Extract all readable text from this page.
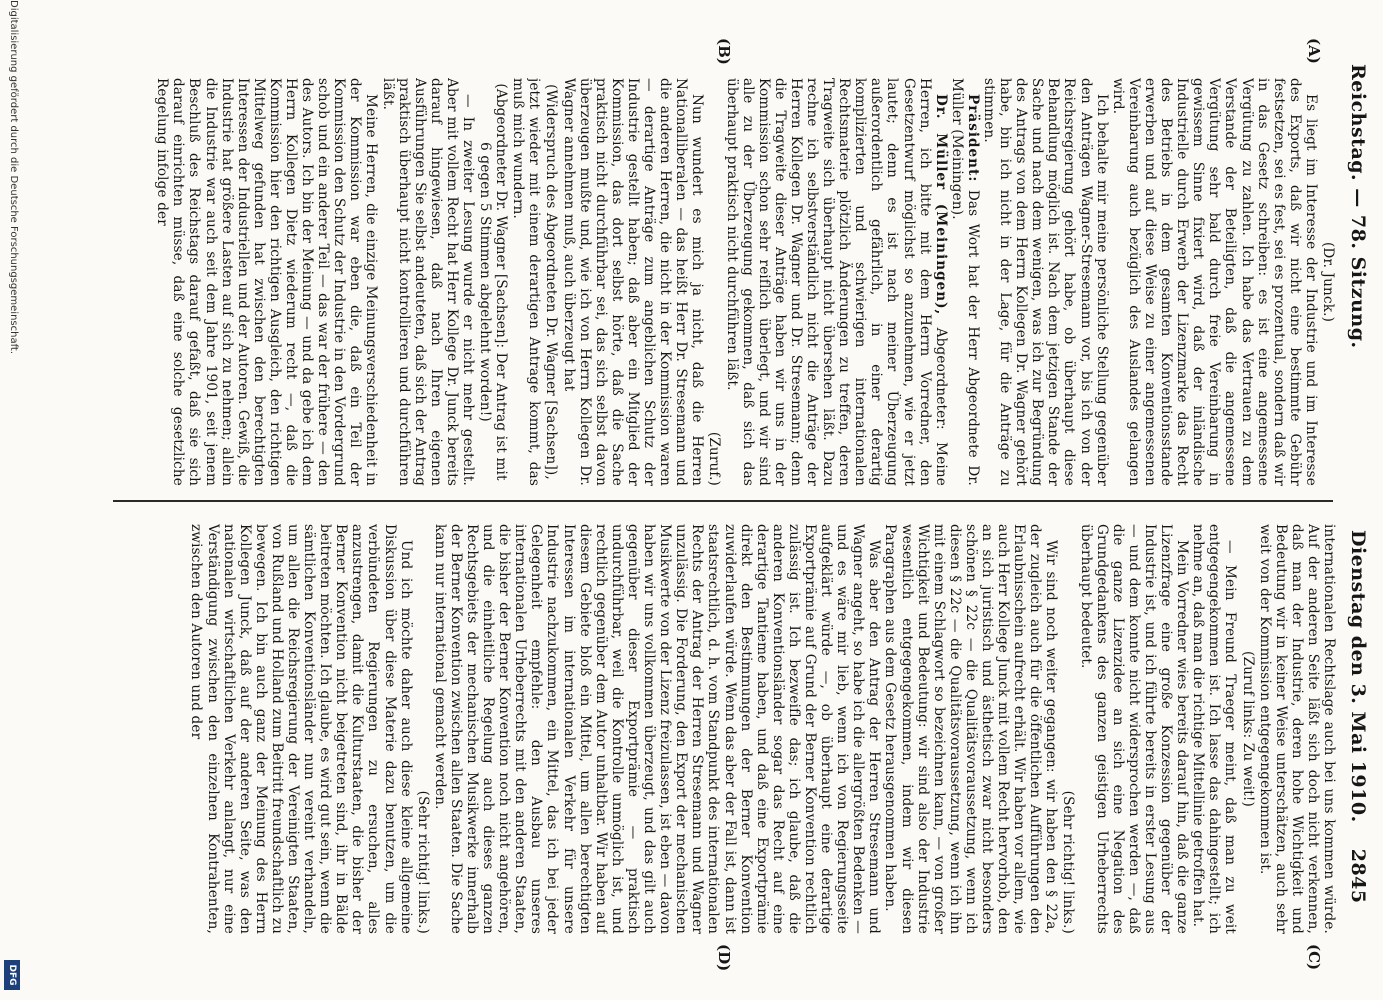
Reichstag. — 78. Sitzung.
Dienstag den 3. Mai 1910.2845
(A)
(B)
(C)
(D)
(Dr. Junck.)

Es liegt im Interesse der Industrie und im Interesse des Exports, daß wir nicht eine bestimmte Gebühr festsetzen, sei es fest, sei es prozentual, sondern daß wir in das Gesetz schreiben: es ist eine angemessene Vergütung zu zahlen. Ich habe das Vertrauen zu dem Verstande der Beteiligten, daß die angemessene Vergütung sehr bald durch freie Vereinbarung in gewissem Sinne fixiert wird, daß der inländische Industrielle durch Erwerb der Lizenzmarke das Recht des Betriebs in dem gesamten Konventionsstande erwerben und auf diese Weise zu einer angemessenen Vereinbarung auch bezüglich des Auslandes gelangen wird.

Ich behalte mir meine persönliche Stellung gegenüber den Anträgen Wagner-Stresemann vor, bis ich von der Reichsregierung gehört habe, ob überhaupt diese Behandlung möglich ist. Nach dem jetzigen Stande der Sache und nach dem wenigen, was ich zur Begründung des Antrags von dem Herrn Kollegen Dr. Wagner gehört habe, bin ich nicht in der Lage, für die Anträge zu stimmen.

Präsident: Das Wort hat der Herr Abgeordnete Dr. Müller (Meiningen).

Dr. Müller (Meiningen), Abgeordneter: Meine Herren, ich bitte mit dem Herrn Vorredner, den Gesetzentwurf möglichst so anzunehmen, wie er jetzt lautet; denn es ist nach meiner Überzeugung außerordentlich gefährlich, in einer derartig komplizierten und schwierigen internationalen Rechtsmaterie plötzlich Änderungen zu treffen, deren Tragweite sich überhaupt nicht übersehen läßt. Dazu rechne ich selbstverständlich nicht die Anträge der Herren Kollegen Dr. Wagner und Dr. Stresemann; denn die Tragweite dieser Anträge haben wir uns in der Kommission schon sehr reiflich überlegt, und wir sind alle zu der Überzeugung gekommen, daß sich das überhaupt praktisch nicht durchführen läßt.

(Zuruf.)

Nun wundert es mich ja nicht, daß die Herren Nationalliberalen — das heißt Herr Dr. Stresemann und die anderen Herren, die nicht in der Kommission waren — derartige Anträge zum angeblichen Schutz der Industrie gestellt haben; daß aber ein Mitglied der Kommission, das dort selbst hörte, daß die Sache praktisch nicht durchführbar sei, das sich selbst davon überzeugen mußte und, wie ich von Herrn Kollegen Dr. Wagner annehmen muß, auch überzeugt hat

(Widerspruch des Abgeordneten Dr. Wagner [Sachsen]),

jetzt wieder mit einem derartigen Antrage kommt, das muß mich wundern.

(Abgeordneter Dr. Wagner [Sachsen]: Der Antrag ist mit 6 gegen 5 Stimmen abgelehnt worden!)

— In zweiter Lesung wurde er nicht mehr gestellt. Aber mit vollem Recht hat Herr Kollege Dr. Junck bereits darauf hingewiesen, daß nach Ihren eigenen Ausführungen Sie selbst andeuteten, daß sich der Antrag praktisch überhaupt nicht kontrollieren und durchführen läßt.

Meine Herren, die einzige Meinungsverschiedenheit in der Kommission war eben die, daß ein Teil der Kommission den Schutz der Industrie in den Vordergrund schob und ein anderer Teil — das war der frühere — den des Autors. Ich bin der Meinung — und da gebe ich dem Herrn Kollegen Dietz wiederum recht —, daß die Kommission hier den richtigen Ausgleich, den richtigen Mittelweg gefunden hat zwischen den berechtigten Interessen der Industriellen und der Autoren. Gewiß, die Industrie hat größere Lasten auf sich zu nehmen; allein die Industrie war auch seit dem Jahre 1901, seit jenem Beschluß des Reichstags darauf gefaßt, daß sie sich darauf einrichten müsse, daß eine solche gesetzliche Regelung infolge der

internationalen Rechtslage auch bei uns kommen würde. Auf der anderen Seite läßt sich doch nicht verkennen, daß man der Industrie, deren hohe Wichtigkeit und Bedeutung wir in keiner Weise unterschätzen, auch sehr weit von der Kommission entgegengekommen ist.

(Zuruf links: Zu weit!)

— Mein Freund Traeger meint, daß man zu weit entgegengekommen ist. Ich lasse das dahingestellt; ich nehme an, daß man die richtige Mittellinie getroffen hat.

Mein Vorredner wies bereits darauf hin, daß die ganze Lizenzfrage eine große Konzession gegenüber der Industrie ist, und ich führte bereits in erster Lesung aus — und dem konnte nicht widersprochen werden —, daß die ganze Lizenzidee an sich eine Negation des Grundgedankens des ganzen geistigen Urheberrechts überhaupt bedeutet.

(Sehr richtig! links.)

Wir sind noch weiter gegangen: wir haben den § 22a, der zugleich auch für die öffentlichen Aufführungen den Erlaubnisschein aufrecht erhält. Wir haben vor allem, wie auch Herr Kollege Junck mit vollem Recht hervorhob, den an sich juristisch und ästhetisch zwar nicht besonders schönen § 22c — die Qualitätsvoraussetzung, wenn ich diesen § 22c — die Qualitätsvoraussetzung, wenn ich ihn mit einem Schlagwort so bezeichnen kann, — von großer Wichtigkeit und Bedeutung: wir sind also der Industrie wesentlich entgegengekommen, indem wir diesen Paragraphen aus dem Gesetz herausgenommen haben.

Was aber den Antrag der Herren Stresemann und Wagner angeht, so habe ich die allergrößten Bedenken — und es wäre mir lieb, wenn ich von Regierungsseite aufgeklärt würde —, ob überhaupt eine derartige Exportprämie auf Grund der Berner Konvention rechtlich zulässig ist. Ich bezweifle das; ich glaube, daß die anderen Konventionsländer sogar das Recht auf eine derartige Tantieme haben, und daß eine Exportprämie direkt den Bestimmungen der Berner Konvention zuwiderlaufen würde. Wenn das aber der Fall ist, dann ist staatsrechtlich, d. h. vom Standpunkt des internationalen Rechts der Antrag der Herren Stresemann und Wagner unzulässig. Die Forderung, den Export der mechanischen Musikwerte von der Lizenz freizulassen, ist eben — davon haben wir uns vollkommen überzeugt, und das gilt auch gegenüber dieser Exportprämie — praktisch undurchführbar, weil die Kontrolle unmöglich ist, und rechtlich gegenüber dem Autor unhaltbar. Wir haben auf diesem Gebiete bloß ein Mittel, um allen berechtigten Interessen im internationalen Verkehr für unsere Industrie nachzukommen, ein Mittel, das ich bei jeder Gelegenheit empfehle: den Ausbau unseres internationalen Urheberrechts mit den anderen Staaten, die bisher der Berner Konvention noch nicht angehören, und die einheitliche Regelung auch dieses ganzen Rechtsgebiets der mechanischen Musikwerke innerhalb der Berner Konvention zwischen allen Staaten. Die Sache kann nur international gemacht werden.

(Sehr richtig! links.)

Und ich möchte daher auch diese kleine allgemeine Diskussion über diese Materie dazu benutzen, um die verbündeten Regierungen zu ersuchen, alles anzustrengen, damit die Kulturstaaten, die bisher der Berner Konvention nicht beigetreten sind, ihr in Bälde beitreten möchten. Ich glaube, es wird gut sein, wenn die sämtlichen Konventionsländer nun vereint verhandeln, um allen die Reichsregierung der Vereinigten Staaten, von Rußland und Holland zum Beitritt freundschaftlich zu bewegen. Ich bin auch ganz der Meinung des Herrn Kollegen Junck, daß auf der anderen Seite, was den nationalen wirtschaftlichen Verkehr anlangt, nur eine Verständigung zwischen den einzelnen Kontrahenten, zwischen den Autoren und der

Digitalisierung gefördert durch die Deutsche Forschungsgemeinschaft.
DFG
